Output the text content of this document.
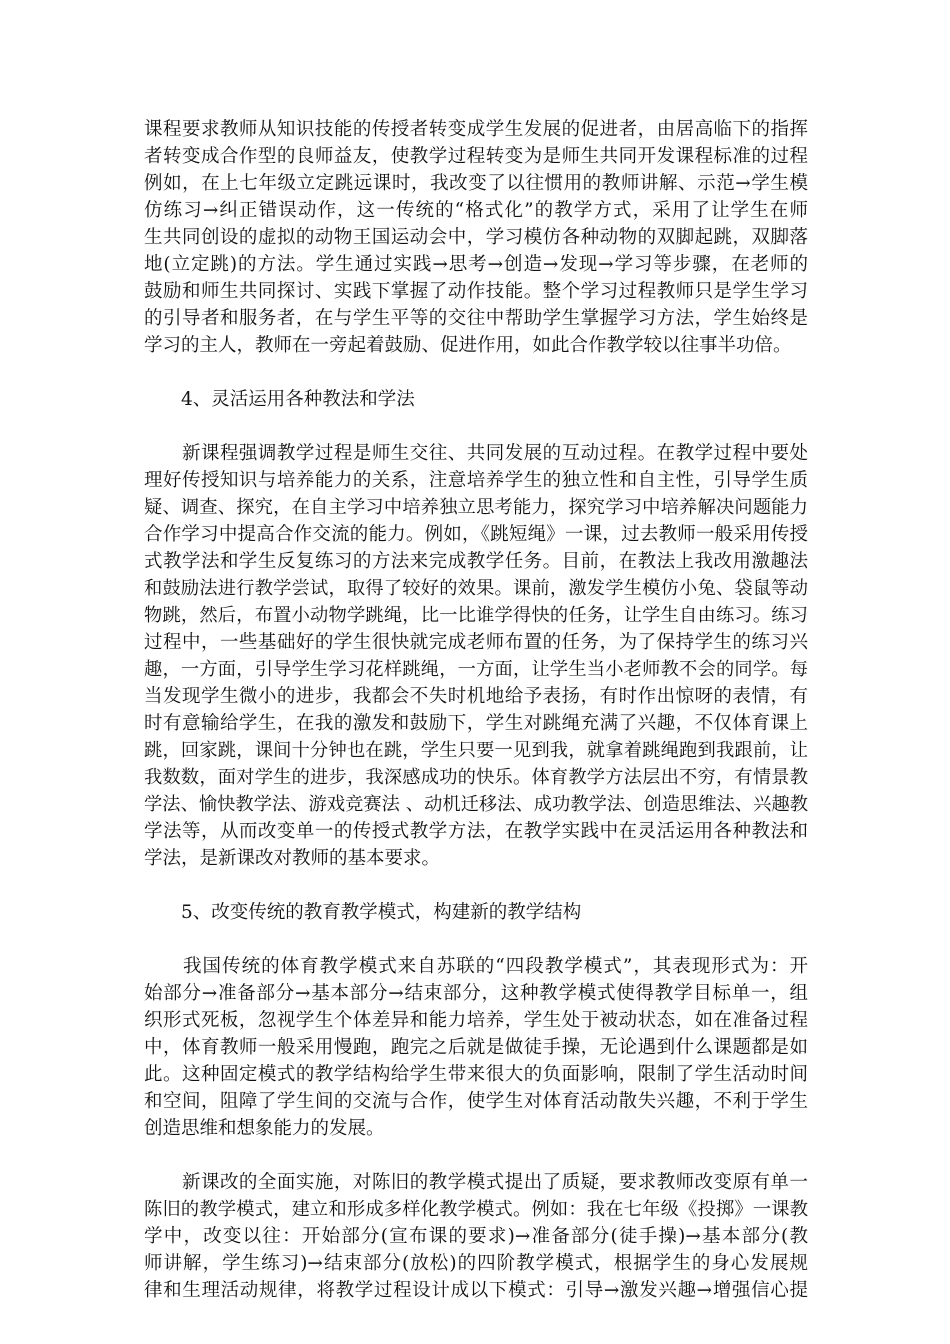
课程要求教师从知识技能的传授者转变成学生发展的促进者，由居高临下的指挥
者转变成合作型的良师益友，使教学过程转变为是师生共同开发课程标准的过程
例如，在上七年级立定跳远课时，我改变了以往惯用的教师讲解、示范→学生模
仿练习→纠正错误动作，这一传统的“格式化”的教学方式，采用了让学生在师
生共同创设的虚拟的动物王国运动会中，学习模仿各种动物的双脚起跳，双脚落
地(立定跳)的方法。学生通过实践→思考→创造→发现→学习等步骤，在老师的
鼓励和师生共同探讨、实践下掌握了动作技能。整个学习过程教师只是学生学习
的引导者和服务者，在与学生平等的交往中帮助学生掌握学习方法，学生始终是
学习的主人，教师在一旁起着鼓励、促进作用，如此合作教学较以往事半功倍。
4、灵活运用各种教法和学法
　　新课程强调教学过程是师生交往、共同发展的互动过程。在教学过程中要处
理好传授知识与培养能力的关系，注意培养学生的独立性和自主性，引导学生质
疑、调查、探究，在自主学习中培养独立思考能力，探究学习中培养解决问题能力
合作学习中提高合作交流的能力。例如，《跳短绳》一课，过去教师一般采用传授
式教学法和学生反复练习的方法来完成教学任务。目前，在教法上我改用激趣法
和鼓励法进行教学尝试，取得了较好的效果。课前，激发学生模仿小兔、袋鼠等动
物跳，然后，布置小动物学跳绳，比一比谁学得快的任务，让学生自由练习。练习
过程中，一些基础好的学生很快就完成老师布置的任务，为了保持学生的练习兴
趣，一方面，引导学生学习花样跳绳，一方面，让学生当小老师教不会的同学。每
当发现学生微小的进步，我都会不失时机地给予表扬，有时作出惊呀的表情，有
时有意输给学生，在我的激发和鼓励下，学生对跳绳充满了兴趣，不仅体育课上
跳，回家跳，课间十分钟也在跳，学生只要一见到我，就拿着跳绳跑到我跟前，让
我数数，面对学生的进步，我深感成功的快乐。体育教学方法层出不穷，有情景教
学法、愉快教学法、游戏竞赛法 、动机迁移法、成功教学法、创造思维法、兴趣教
学法等，从而改变单一的传授式教学方法，在教学实践中在灵活运用各种教法和
学法，是新课改对教师的基本要求。
5、改变传统的教育教学模式，构建新的教学结构
　　我国传统的体育教学模式来自苏联的“四段教学模式”，其表现形式为：开
始部分→准备部分→基本部分→结束部分，这种教学模式使得教学目标单一，组
织形式死板，忽视学生个体差异和能力培养，学生处于被动状态，如在准备过程
中，体育教师一般采用慢跑，跑完之后就是做徒手操，无论遇到什么课题都是如
此。这种固定模式的教学结构给学生带来很大的负面影响，限制了学生活动时间
和空间，阻障了学生间的交流与合作，使学生对体育活动散失兴趣，不利于学生
创造思维和想象能力的发展。
　　新课改的全面实施，对陈旧的教学模式提出了质疑，要求教师改变原有单一
陈旧的教学模式，建立和形成多样化教学模式。例如：我在七年级《投掷》一课教
学中，改变以往：开始部分(宣布课的要求)→准备部分(徒手操)→基本部分(教
师讲解，学生练习)→结束部分(放松)的四阶教学模式，根据学生的身心发展规
律和生理活动规律，将教学过程设计成以下模式：引导→激发兴趣→增强信心提
